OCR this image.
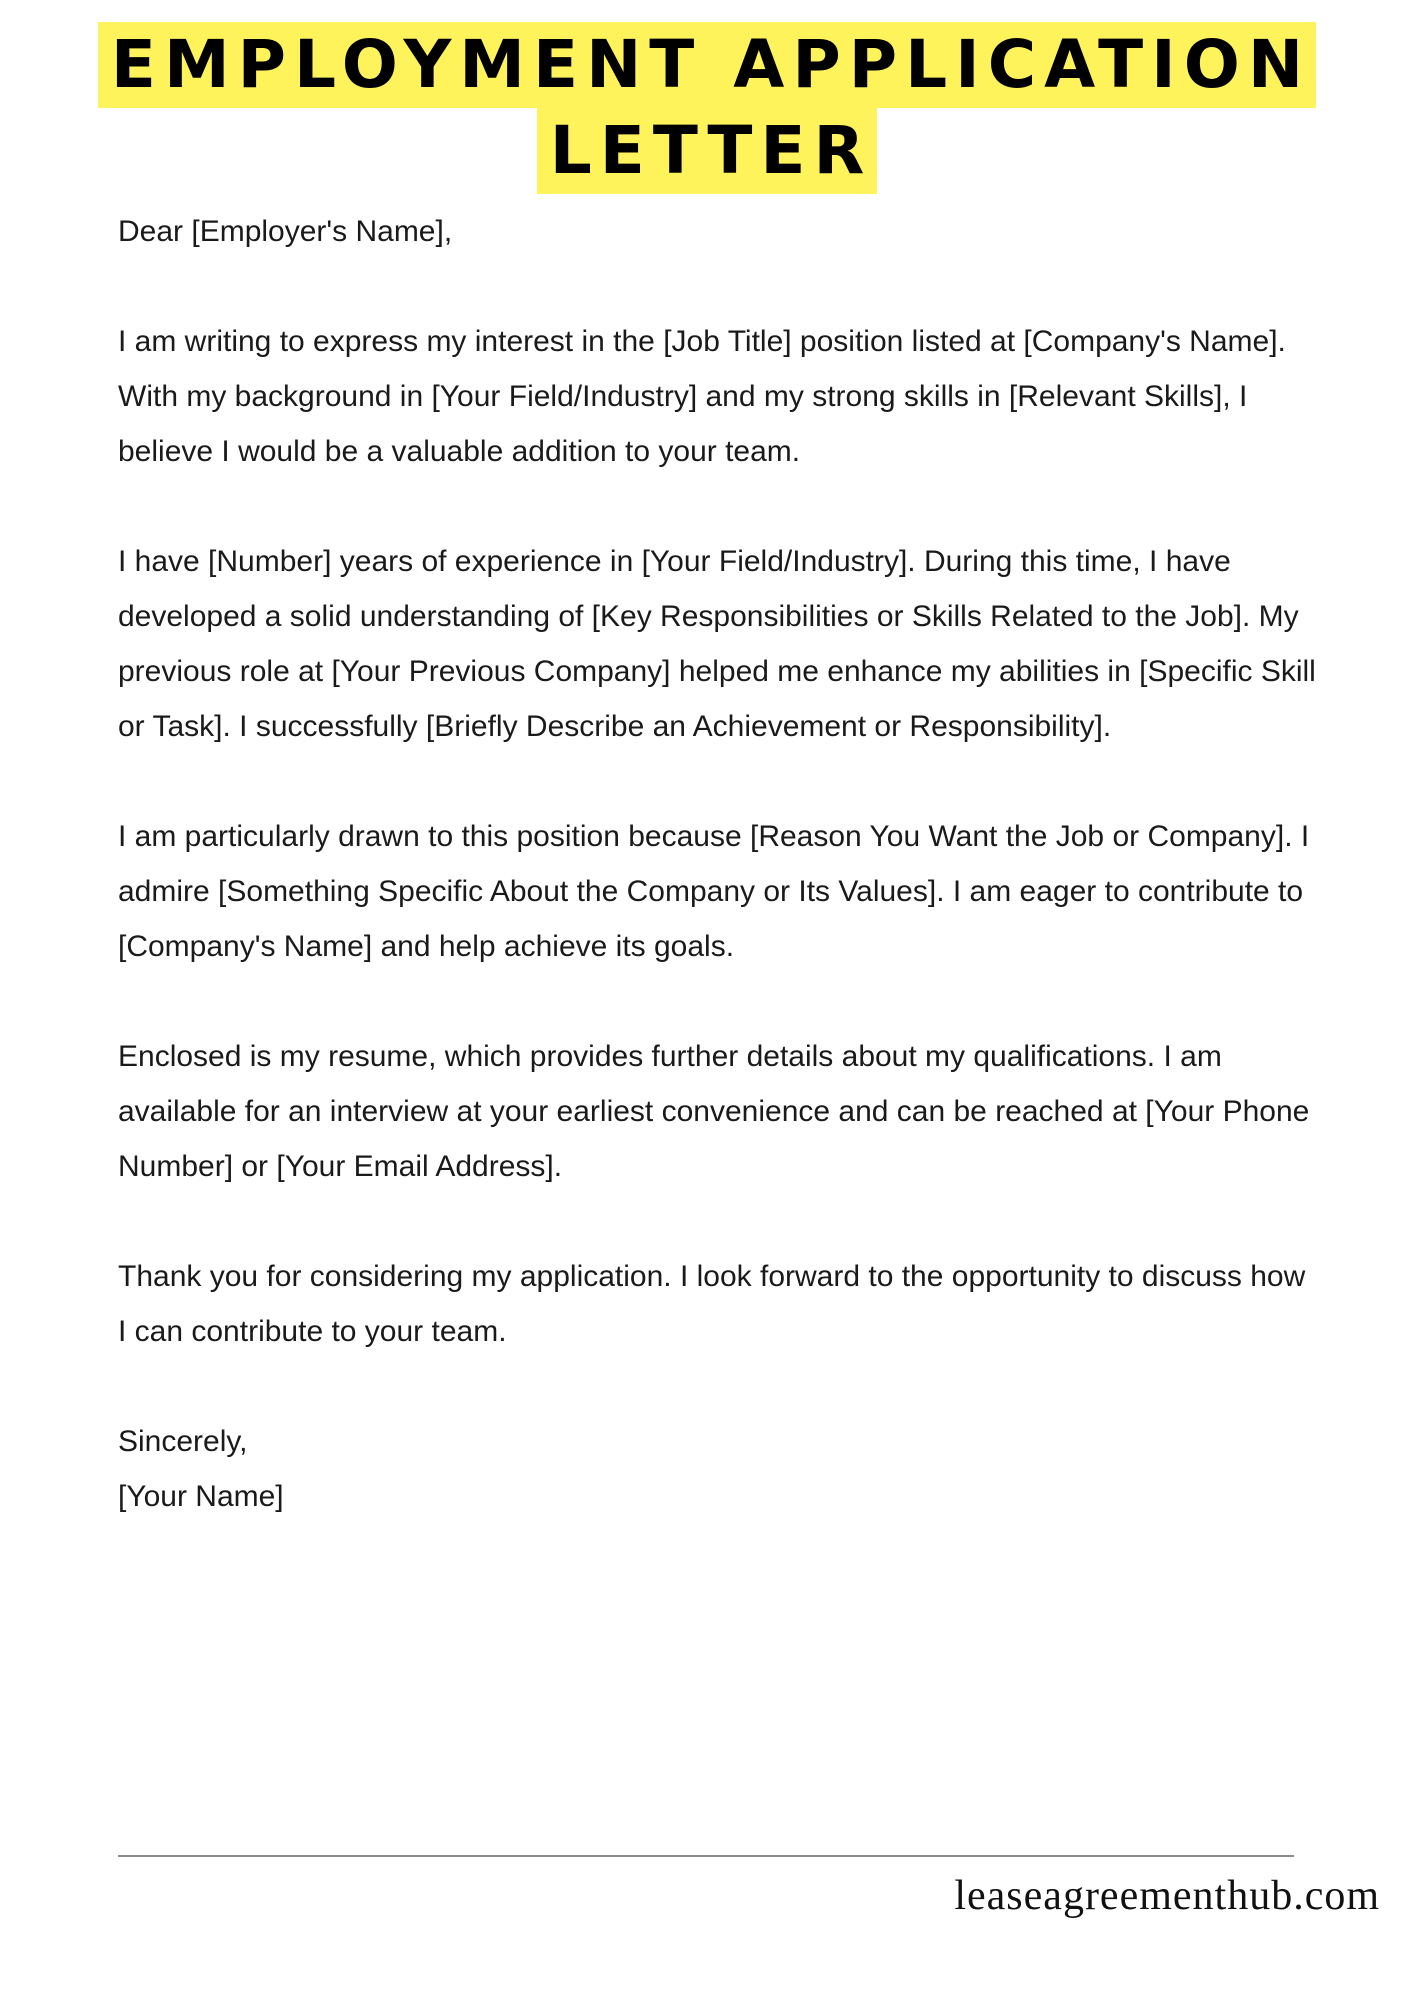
EMPLOYMENT APPLICATION
LETTER

Dear [Employer's Name],

I am writing to express my interest in the [Job Title] position listed at [Company's Name]. With my background in [Your Field/Industry] and my strong skills in [Relevant Skills], I believe I would be a valuable addition to your team.

I have [Number] years of experience in [Your Field/Industry]. During this time, I have developed a solid understanding of [Key Responsibilities or Skills Related to the Job]. My previous role at [Your Previous Company] helped me enhance my abilities in [Specific Skill or Task]. I successfully [Briefly Describe an Achievement or Responsibility].

I am particularly drawn to this position because [Reason You Want the Job or Company]. I admire [Something Specific About the Company or Its Values]. I am eager to contribute to [Company's Name] and help achieve its goals.

Enclosed is my resume, which provides further details about my qualifications. I am available for an interview at your earliest convenience and can be reached at [Your Phone Number] or [Your Email Address].

Thank you for considering my application. I look forward to the opportunity to discuss how I can contribute to your team.

Sincerely,

[Your Name]

leaseagreementhub.com
